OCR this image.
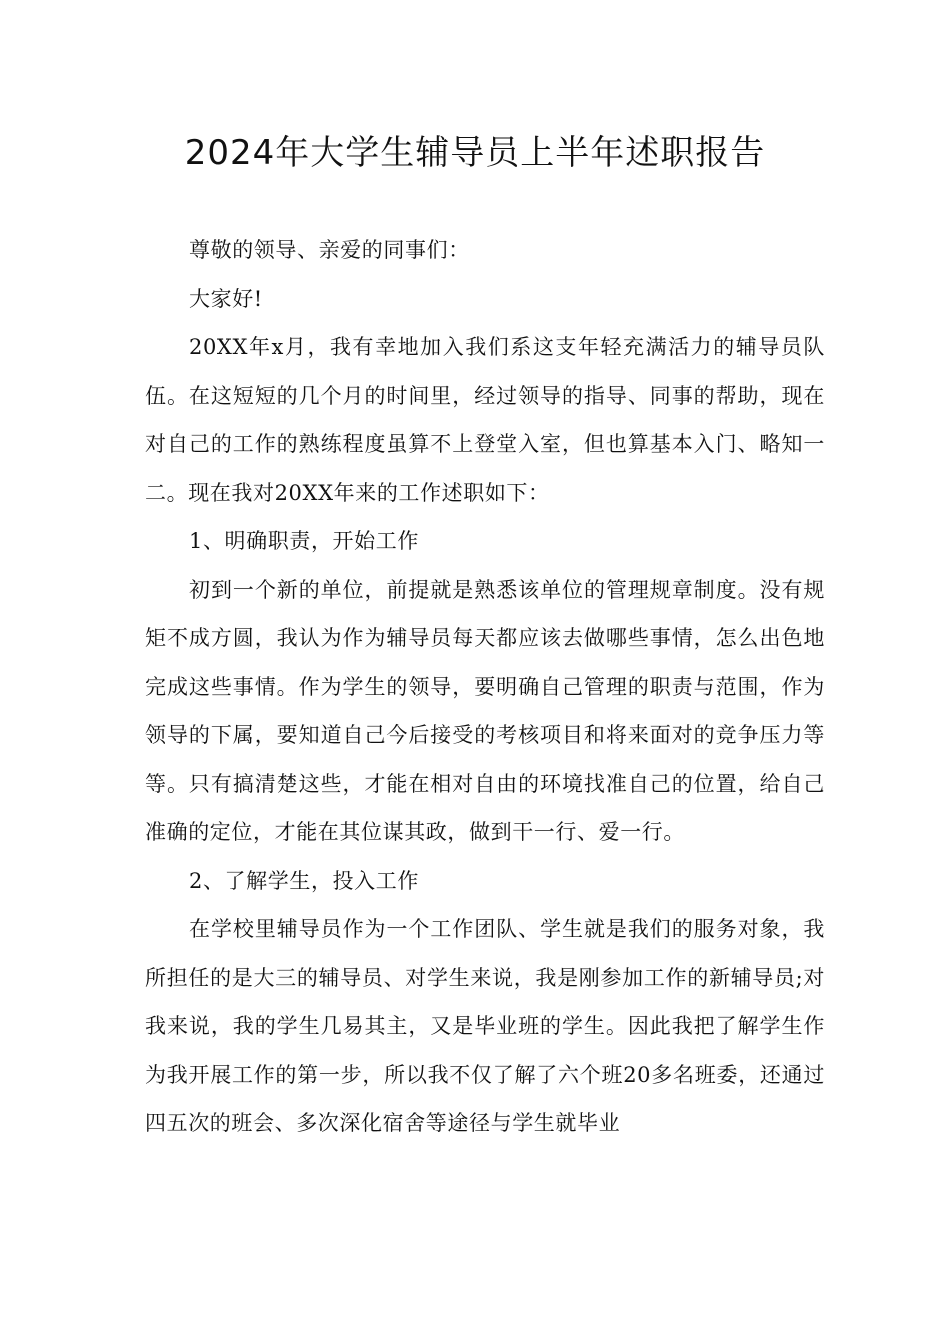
2024年大学生辅导员上半年述职报告

尊敬的领导、亲爱的同事们：

大家好!

20XX年x月，我有幸地加入我们系这支年轻充满活力的辅导员队伍。在这短短的几个月的时间里，经过领导的指导、同事的帮助，现在对自己的工作的熟练程度虽算不上登堂入室，但也算基本入门、略知一二。现在我对20XX年来的工作述职如下：

1、明确职责，开始工作

初到一个新的单位，前提就是熟悉该单位的管理规章制度。没有规矩不成方圆，我认为作为辅导员每天都应该去做哪些事情，怎么出色地完成这些事情。作为学生的领导，要明确自己管理的职责与范围，作为领导的下属，要知道自己今后接受的考核项目和将来面对的竞争压力等等。只有搞清楚这些，才能在相对自由的环境找准自己的位置，给自己准确的定位，才能在其位谋其政，做到干一行、爱一行。

2、了解学生，投入工作

在学校里辅导员作为一个工作团队、学生就是我们的服务对象，我所担任的是大三的辅导员、对学生来说，我是刚参加工作的新辅导员;对我来说，我的学生几易其主，又是毕业班的学生。因此我把了解学生作为我开展工作的第一步，所以我不仅了解了六个班20多名班委，还通过四五次的班会、多次深化宿舍等途径与学生就毕业
